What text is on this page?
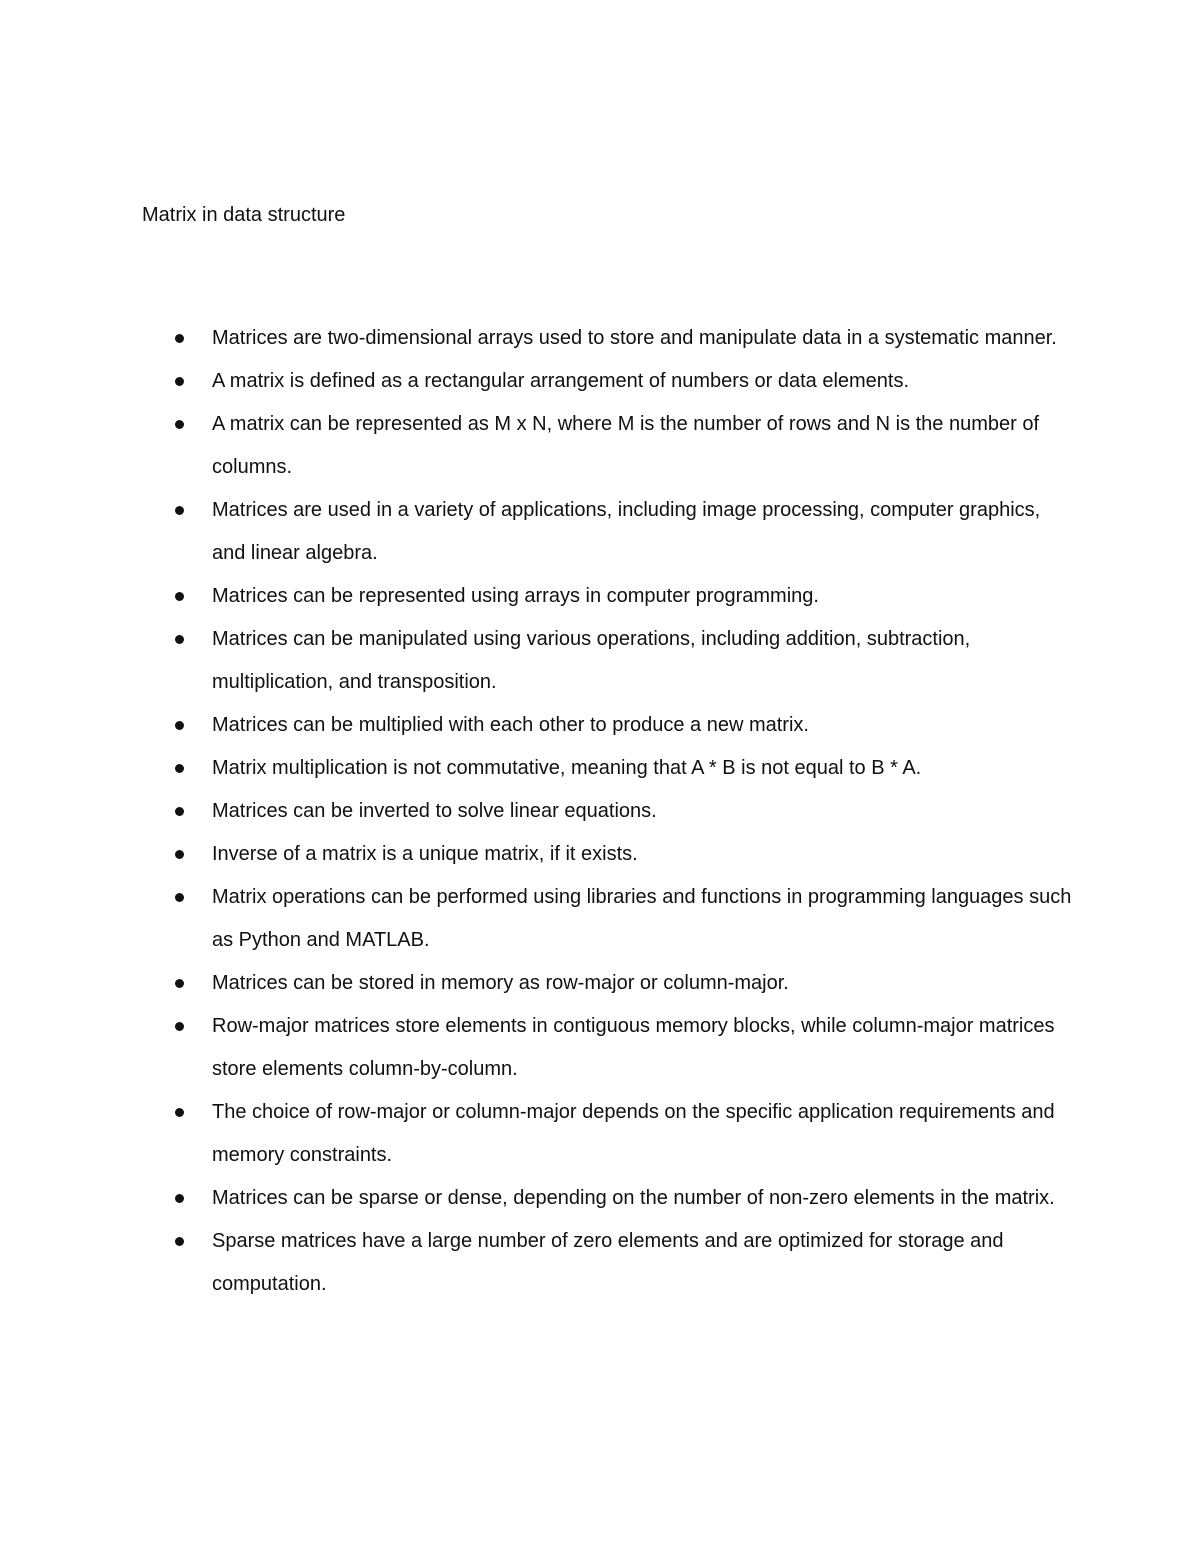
Matrix in data structure
Matrices are two-dimensional arrays used to store and manipulate data in a systematic manner.
A matrix is defined as a rectangular arrangement of numbers or data elements.
A matrix can be represented as M x N, where M is the number of rows and N is the number of columns.
Matrices are used in a variety of applications, including image processing, computer graphics, and linear algebra.
Matrices can be represented using arrays in computer programming.
Matrices can be manipulated using various operations, including addition, subtraction, multiplication, and transposition.
Matrices can be multiplied with each other to produce a new matrix.
Matrix multiplication is not commutative, meaning that A * B is not equal to B * A.
Matrices can be inverted to solve linear equations.
Inverse of a matrix is a unique matrix, if it exists.
Matrix operations can be performed using libraries and functions in programming languages such as Python and MATLAB.
Matrices can be stored in memory as row-major or column-major.
Row-major matrices store elements in contiguous memory blocks, while column-major matrices store elements column-by-column.
The choice of row-major or column-major depends on the specific application requirements and memory constraints.
Matrices can be sparse or dense, depending on the number of non-zero elements in the matrix.
Sparse matrices have a large number of zero elements and are optimized for storage and computation.
